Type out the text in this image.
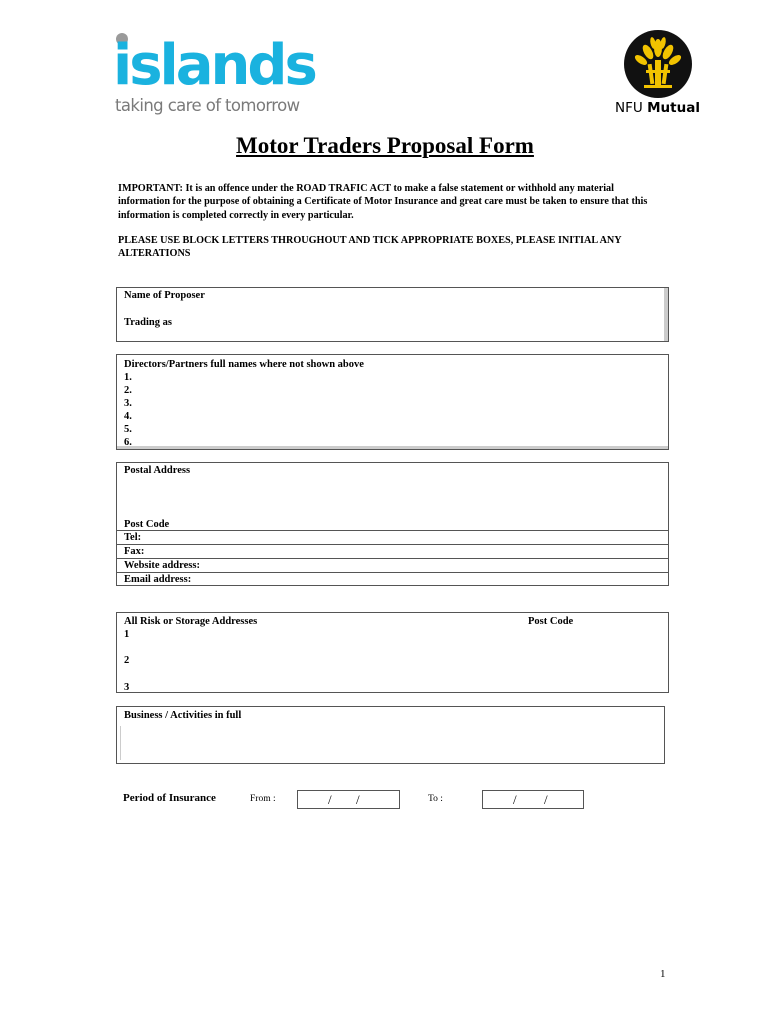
islands
taking care of tomorrow	NFU Mutual
Motor Traders Proposal Form
IMPORTANT: It is an offence under the ROAD TRAFIC ACT to make a false statement or withhold any material information for the purpose of obtaining a Certificate of Motor Insurance and great care must be taken to ensure that this information is completed correctly in every particular.
PLEASE USE BLOCK LETTERS THROUGHOUT AND TICK APPROPRIATE BOXES, PLEASE INITIAL ANY ALTERATIONS
Name of Proposer
Trading as
Directors/Partners full names where not shown above
1.
2.
3.
4.
5.
6.
Postal Address
Post Code
Tel:
Fax:
Website address:
Email address:
All Risk or Storage Addresses	Post Code
1
2
3
Business / Activities in full
Period of Insurance	From :	/ /	To :	/ /
1
